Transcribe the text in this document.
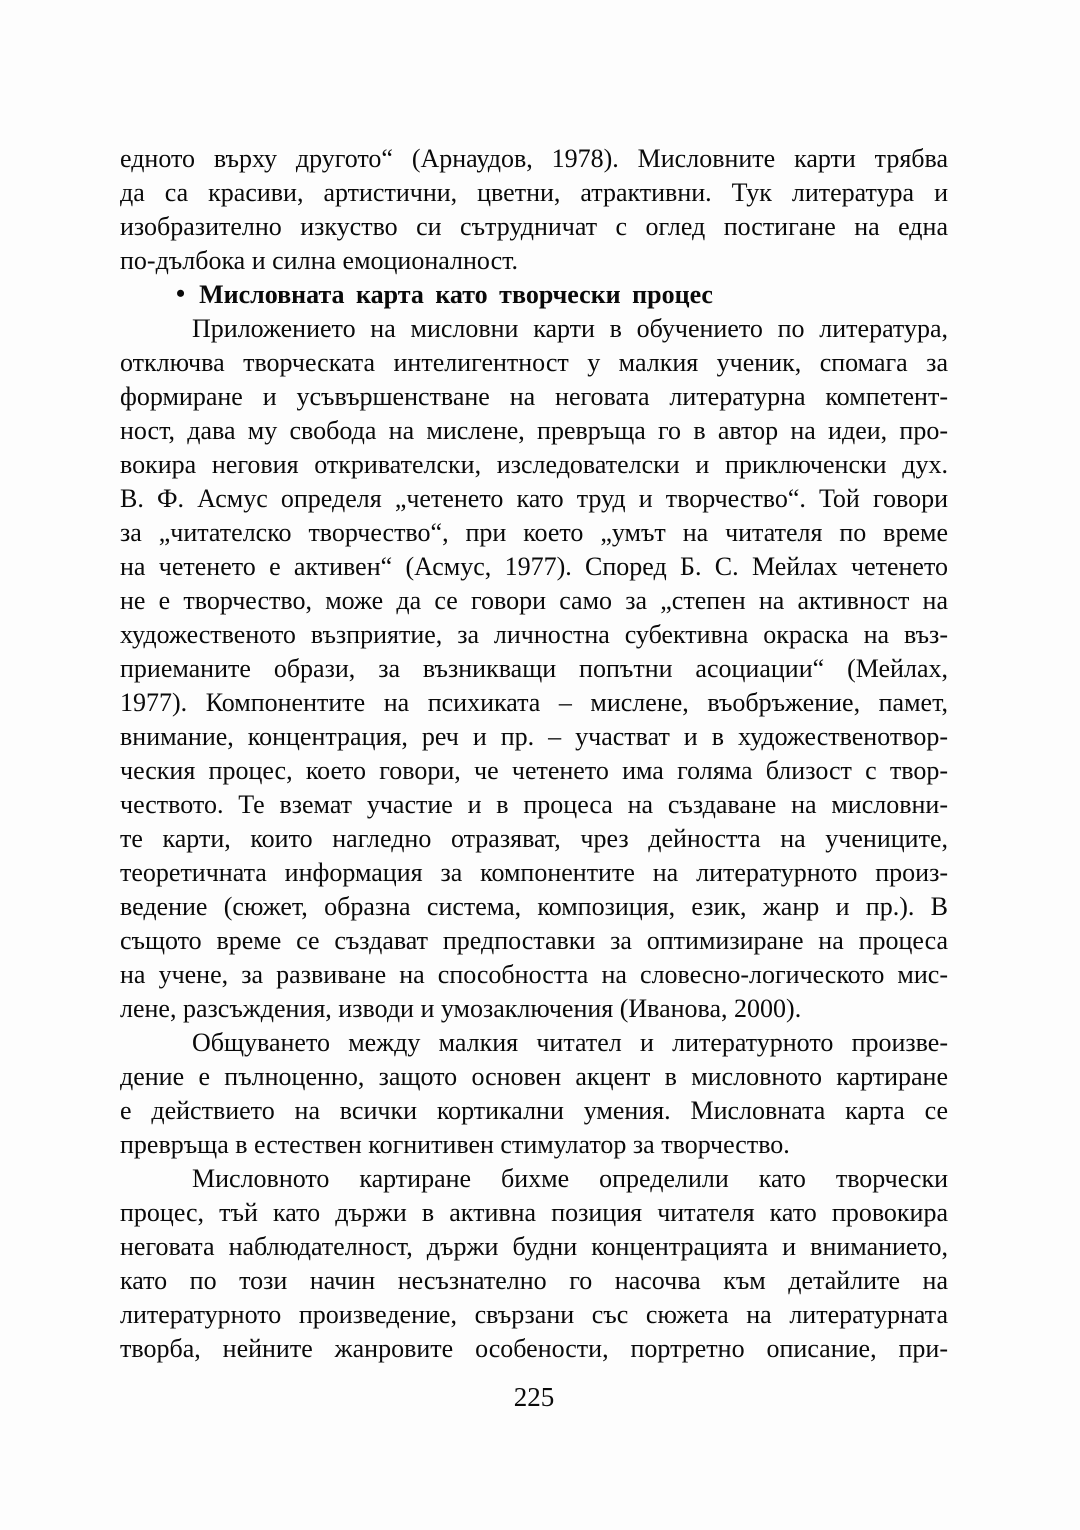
едното върху другото“ (Арнаудов, 1978). Мисловните карти трябва
да са красиви, артистични, цветни, атрактивни. Тук литература и
изобразително изкуство си сътрудничат с оглед постигане на една
по-дълбока и силна емоционалност.
• Мисловната карта като творчески процес
Приложението на мисловни карти в обучението по литература,
отключва творческата интелигентност у малкия ученик, спомага за
формиране и усъвършенстване на неговата литературна компетент-
ност, дава му свобода на мислене, превръща го в автор на идеи, про-
вокира неговия откривателски, изследователски и приключенски дух.
В. Ф. Асмус определя „четенето като труд и творчество“. Той говори
за „читателско творчество“, при което „умът на читателя по време
на четенето е активен“ (Асмус, 1977). Според Б. С. Мейлах четенето
не е творчество, може да се говори само за „степен на активност на
художественото възприятие, за личностна субективна окраска на въз-
приеманите образи, за възникващи попътни асоциации“ (Мейлах,
1977). Компонентите на психиката – мислене, въобръжение, памет,
внимание, концентрация, реч и пр. – участват и в художественотвор-
ческия процес, което говори, че четенето има голяма близост с твор-
чеството. Те вземат участие и в процеса на създаване на мисловни-
те карти, които нагледно отразяват, чрез дейността на учениците,
теоретичната информация за компонентите на литературното произ-
ведение (сюжет, образна система, композиция, език, жанр и пр.). В
същото време се създават предпоставки за оптимизиране на процеса
на учене, за развиване на способността на словесно-логическото мис-
лене, разсъждения, изводи и умозаключения (Иванова, 2000).
Общуването между малкия читател и литературното произве-
дение е пълноценно, защото основен акцент в мисловното картиране
е действието на всички кортикални умения. Мисловната карта се
превръща в естествен когнитивен стимулатор за творчество.
Мисловното картиране бихме определили като творчески
процес, тъй като държи в активна позиция читателя като провокира
неговата наблюдателност, държи будни концентрацията и вниманието,
като по този начин несъзнателно го насочва към детайлите на
литературното произведение, свързани със сюжета на литературната
творба, нейните жанровите особености, портретно описание, при-
225
